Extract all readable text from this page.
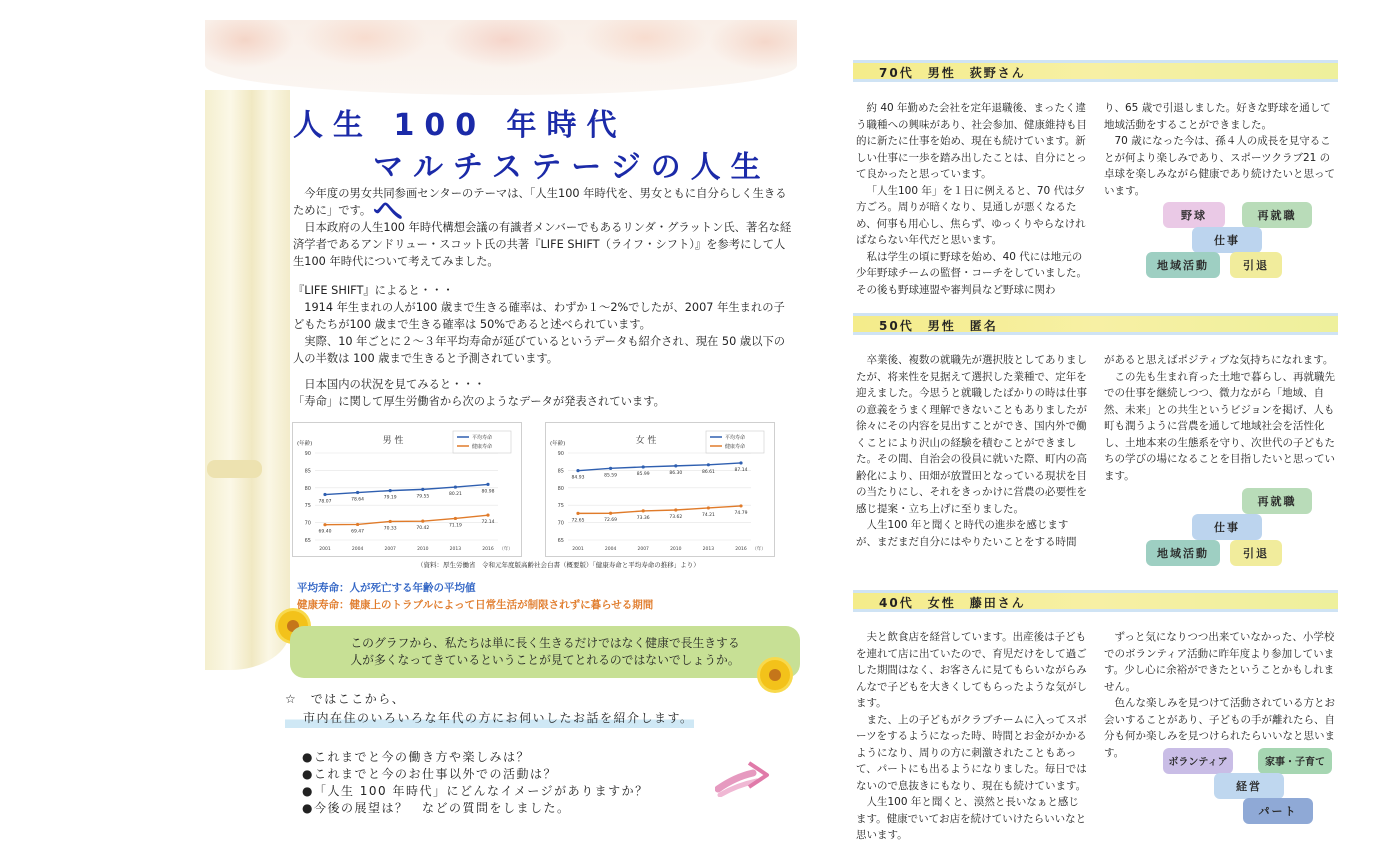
人生 100 年時代
マルチステージの人生へ

今年度の男女共同参画センターのテーマは、「人生100 年時代を、男女ともに自分らしく生きるために」です。

日本政府の人生100 年時代構想会議の有識者メンバーでもあるリンダ・グラットン氏、著名な経済学者であるアンドリュー・スコット氏の共著『LIFE SHIFT（ライフ・シフト）』を参考にして人生100 年時代について考えてみました。

『LIFE SHIFT』によると・・・

1914 年生まれの人が100 歳まで生きる確率は、わずか１～2%でしたが、2007 年生まれの子どもたちが100 歳まで生きる確率は 50%であると述べられています。

実際、10 年ごとに２～３年平均寿命が延びているというデータも紹介され、現在 50 歳以下の人の半数は 100 歳まで生きると予測されています。

日本国内の状況を見てみると・・・

「寿命」に関して厚生労働省から次のようなデータが発表されています。

男 性
(年齢)
65
70
75
80
85
90
2001	2004	2007	2010	2013	2016 （年）
平均寿命
健康寿命
78.07	78.64	79.19	79.55	80.21
80.98
69.40	69.47
70.33	70.42
71.19
72.14
女 性
(年齢)
65
70
75
80
85
90
2001	2004	2007	2010	2013	2016 （年）
平均寿命
健康寿命
84.93	85.59	85.99	86.30	86.61	87.14
72.65	72.69	73.36	73.62	74.21	74.79
（資料：厚生労働省　令和元年度版高齢社会白書（概要版）「健康寿命と平均寿命の推移」より）
平均寿命：人が死亡する年齢の平均値
健康寿命：健康上のトラブルによって日常生活が制限されずに暮らせる期間
このグラフから、私たちは単に長く生きるだけではなく健康で長生きする
人が多くなってきているということが見てとれるのではないでしょうか。
☆　ではここから、
市内在住のいろいろな年代の方にお伺いしたお話を紹介します。
●これまでと今の働き方や楽しみは？
●これまでと今のお仕事以外での活動は？
●「人生 100 年時代」にどんなイメージがありますか？
●今後の展望は？　などの質問をしました。
70代　男性　荻野さん

約 40 年勤めた会社を定年退職後、まったく違う職種への興味があり、社会参加、健康維持も目的に新たに仕事を始め、現在も続けています。新しい仕事に一歩を踏み出したことは、自分にとって良かったと思っています。

「人生100 年」を１日に例えると、70 代は夕方ごろ。周りが暗くなり、見通しが悪くなるため、何事も用心し、焦らず、ゆっくりやらなければならない年代だと思います。

私は学生の頃に野球を始め、40 代には地元の少年野球チームの監督・コーチをしていました。その後も野球連盟や審判員など野球に関わ

り、65 歳で引退しました。好きな野球を通して地域活動をすることができました。

70 歳になった今は、孫４人の成長を見守ることが何より楽しみであり、スポーツクラブ21 の卓球を楽しみながら健康であり続けたいと思っています。

野球	再就職
仕事
地域活動	引退
50代　男性　匿名

卒業後、複数の就職先が選択肢としてありましたが、将来性を見据えて選択した業種で、定年を迎えました。今思うと就職したばかりの時は仕事の意義をうまく理解できないこともありましたが徐々にその内容を見出すことができ、国内外で働くことにより沢山の経験を積むことができました。その間、自治会の役員に就いた際、町内の高齢化により、田畑が放置田となっている現状を目の当たりにし、それをきっかけに営農の必要性を感じ提案・立ち上げに至りました。

人生100 年と聞くと時代の進歩を感じますが、まだまだ自分にはやりたいことをする時間

があると思えばポジティブな気持ちになれます。

この先も生まれ育った土地で暮らし、再就職先での仕事を継続しつつ、微力ながら「地域、自然、未来」との共生というビジョンを掲げ、人も町も潤うように営農を通して地域社会を活性化し、土地本来の生態系を守り、次世代の子どもたちの学びの場になることを目指したいと思っています。

再就職
仕事
地域活動	引退
40代　女性　藤田さん

夫と飲食店を経営しています。出産後は子どもを連れて店に出ていたので、育児だけをして過ごした期間はなく、お客さんに見てもらいながらみんなで子どもを大きくしてもらったような気がします。

また、上の子どもがクラブチームに入ってスポーツをするようになった時、時間とお金がかかるようになり、周りの方に刺激されたこともあって、パートにも出るようになりました。毎日ではないので息抜きにもなり、現在も続けています。

人生100 年と聞くと、漠然と長いなぁと感じます。健康でいてお店を続けていけたらいいなと思います。

ずっと気になりつつ出来ていなかった、小学校でのボランティア活動に昨年度より参加しています。少し心に余裕ができたということかもしれません。

色んな楽しみを見つけて活動されている方とお会いすることがあり、子どもの手が離れたら、自分も何か楽しみを見つけられたらいいなと思います。

ボランティア	家事・子育て
経営
パート
